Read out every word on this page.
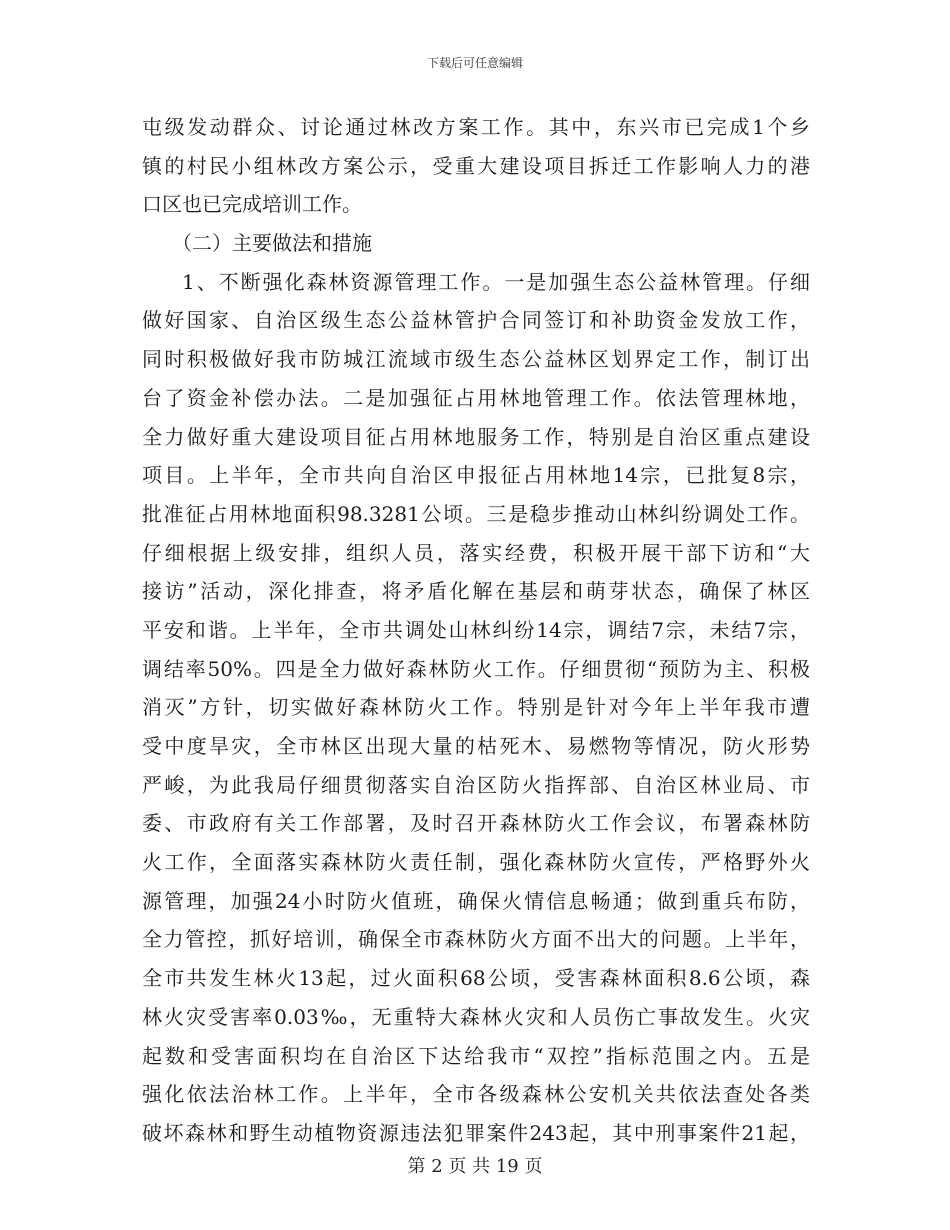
下载后可任意编辑
屯级发动群众、讨论通过林改方案工作。其中，东兴市已完成1个乡
镇的村民小组林改方案公示，受重大建设项目拆迁工作影响人力的港
口区也已完成培训工作。
（二）主要做法和措施
1、不断强化森林资源管理工作。一是加强生态公益林管理。仔细
做好国家、自治区级生态公益林管护合同签订和补助资金发放工作，
同时积极做好我市防城江流域市级生态公益林区划界定工作，制订出
台了资金补偿办法。二是加强征占用林地管理工作。依法管理林地，
全力做好重大建设项目征占用林地服务工作，特别是自治区重点建设
项目。上半年，全市共向自治区申报征占用林地14宗，已批复8宗，
批准征占用林地面积98.3281公顷。三是稳步推动山林纠纷调处工作。
仔细根据上级安排，组织人员，落实经费，积极开展干部下访和“大
接访”活动，深化排查，将矛盾化解在基层和萌芽状态，确保了林区
平安和谐。上半年，全市共调处山林纠纷14宗，调结7宗，未结7宗，
调结率50%。四是全力做好森林防火工作。仔细贯彻“预防为主、积极
消灭”方针，切实做好森林防火工作。特别是针对今年上半年我市遭
受中度旱灾，全市林区出现大量的枯死木、易燃物等情况，防火形势
严峻，为此我局仔细贯彻落实自治区防火指挥部、自治区林业局、市
委、市政府有关工作部署，及时召开森林防火工作会议，布署森林防
火工作，全面落实森林防火责任制，强化森林防火宣传，严格野外火
源管理，加强24小时防火值班，确保火情信息畅通；做到重兵布防，
全力管控，抓好培训，确保全市森林防火方面不出大的问题。上半年，
全市共发生林火13起，过火面积68公顷，受害森林面积8.6公顷，森
林火灾受害率0.03‰，无重特大森林火灾和人员伤亡事故发生。火灾
起数和受害面积均在自治区下达给我市“双控”指标范围之内。五是
强化依法治林工作。上半年，全市各级森林公安机关共依法查处各类
破坏森林和野生动植物资源违法犯罪案件243起，其中刑事案件21起，
第 2 页 共 19 页
